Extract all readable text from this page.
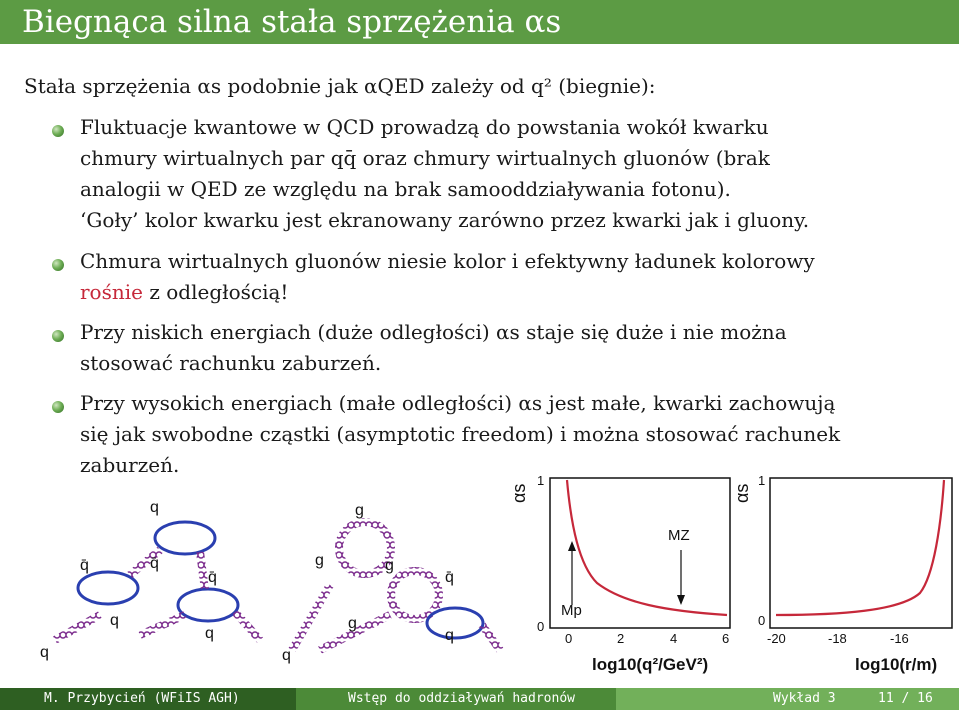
Biegnąca silna stała sprzężenia αs
Stała sprzężenia αs podobnie jak αQED zależy od q² (biegnie):
Fluktuacje kwantowe w QCD prowadzą do powstania wokół kwarku
chmury wirtualnych par qq̄ oraz chmury wirtualnych gluonów (brak
analogii w QED ze względu na brak samooddziaływania fotonu).
‘Goły’ kolor kwarku jest ekranowany zarówno przez kwarki jak i gluony.
Chmura wirtualnych gluonów niesie kolor i efektywny ładunek kolorowy
rośnie z odległością!
Przy niskich energiach (duże odległości) αs staje się duże i nie można
stosować rachunku zaburzeń.
Przy wysokich energiach (małe odległości) αs jest małe, kwarki zachowują
się jak swobodne cząstki (asymptotic freedom) i można stosować rachunek
zaburzeń.
q
q̄	q̄
q̄
q
q
q
g
g	g
q̄
g
q
q
αs
1
0
0	2	4	6
log10(q²/GeV²)
Mp
MZ
αs
1
0
-20	-18	-16
log10(r/m)
M. Przybycień (WFiIS AGH)	Wstęp do oddziaływań hadronów	Wykład 3	11 / 16
